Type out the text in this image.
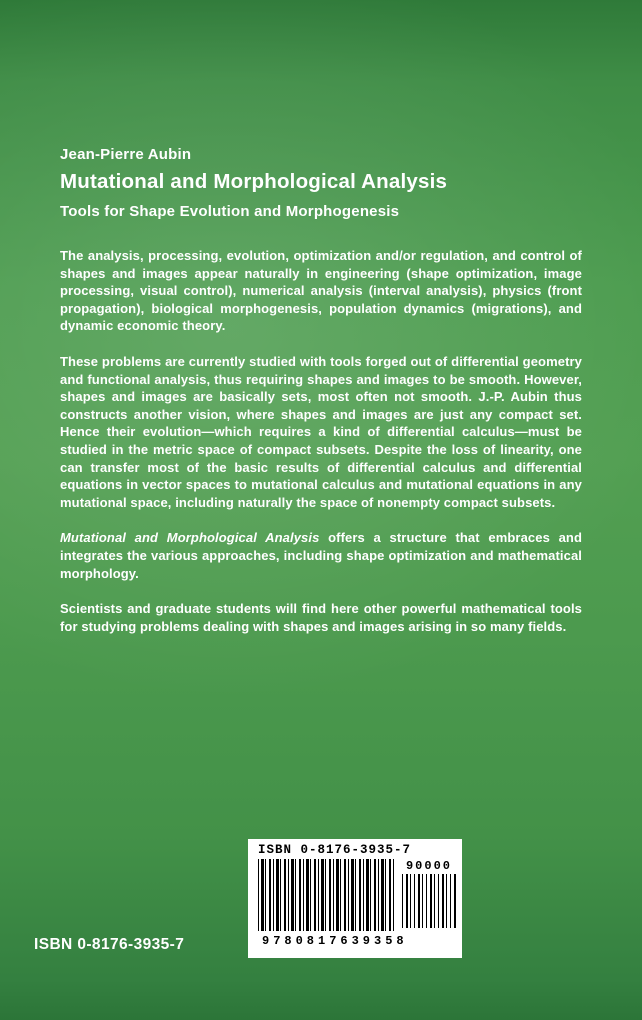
Jean-Pierre Aubin

Mutational and Morphological Analysis
Tools for Shape Evolution and Morphogenesis

The analysis, processing, evolution, optimization and/or regulation, and control of shapes and images appear naturally in engineering (shape optimization, image processing, visual control), numerical analysis (interval analysis), physics (front propagation), biological morphogenesis, population dynamics (migrations), and dynamic economic theory.

These problems are currently studied with tools forged out of differential geometry and functional analysis, thus requiring shapes and images to be smooth. However, shapes and images are basically sets, most often not smooth. J.-P. Aubin thus constructs another vision, where shapes and images are just any compact set. Hence their evolution—which requires a kind of differential calculus—must be studied in the metric space of compact subsets. Despite the loss of linearity, one can transfer most of the basic results of differential calculus and differential equations in vector spaces to mutational calculus and mutational equations in any mutational space, including naturally the space of nonempty compact subsets.

Mutational and Morphological Analysis offers a structure that embraces and integrates the various approaches, including shape optimization and mathematical morphology.

Scientists and graduate students will find here other powerful mathematical tools for studying problems dealing with shapes and images arising in so many fields.

ISBN 0-8176-3935-7
90000
9780817639358
ISBN 0-8176-3935-7
